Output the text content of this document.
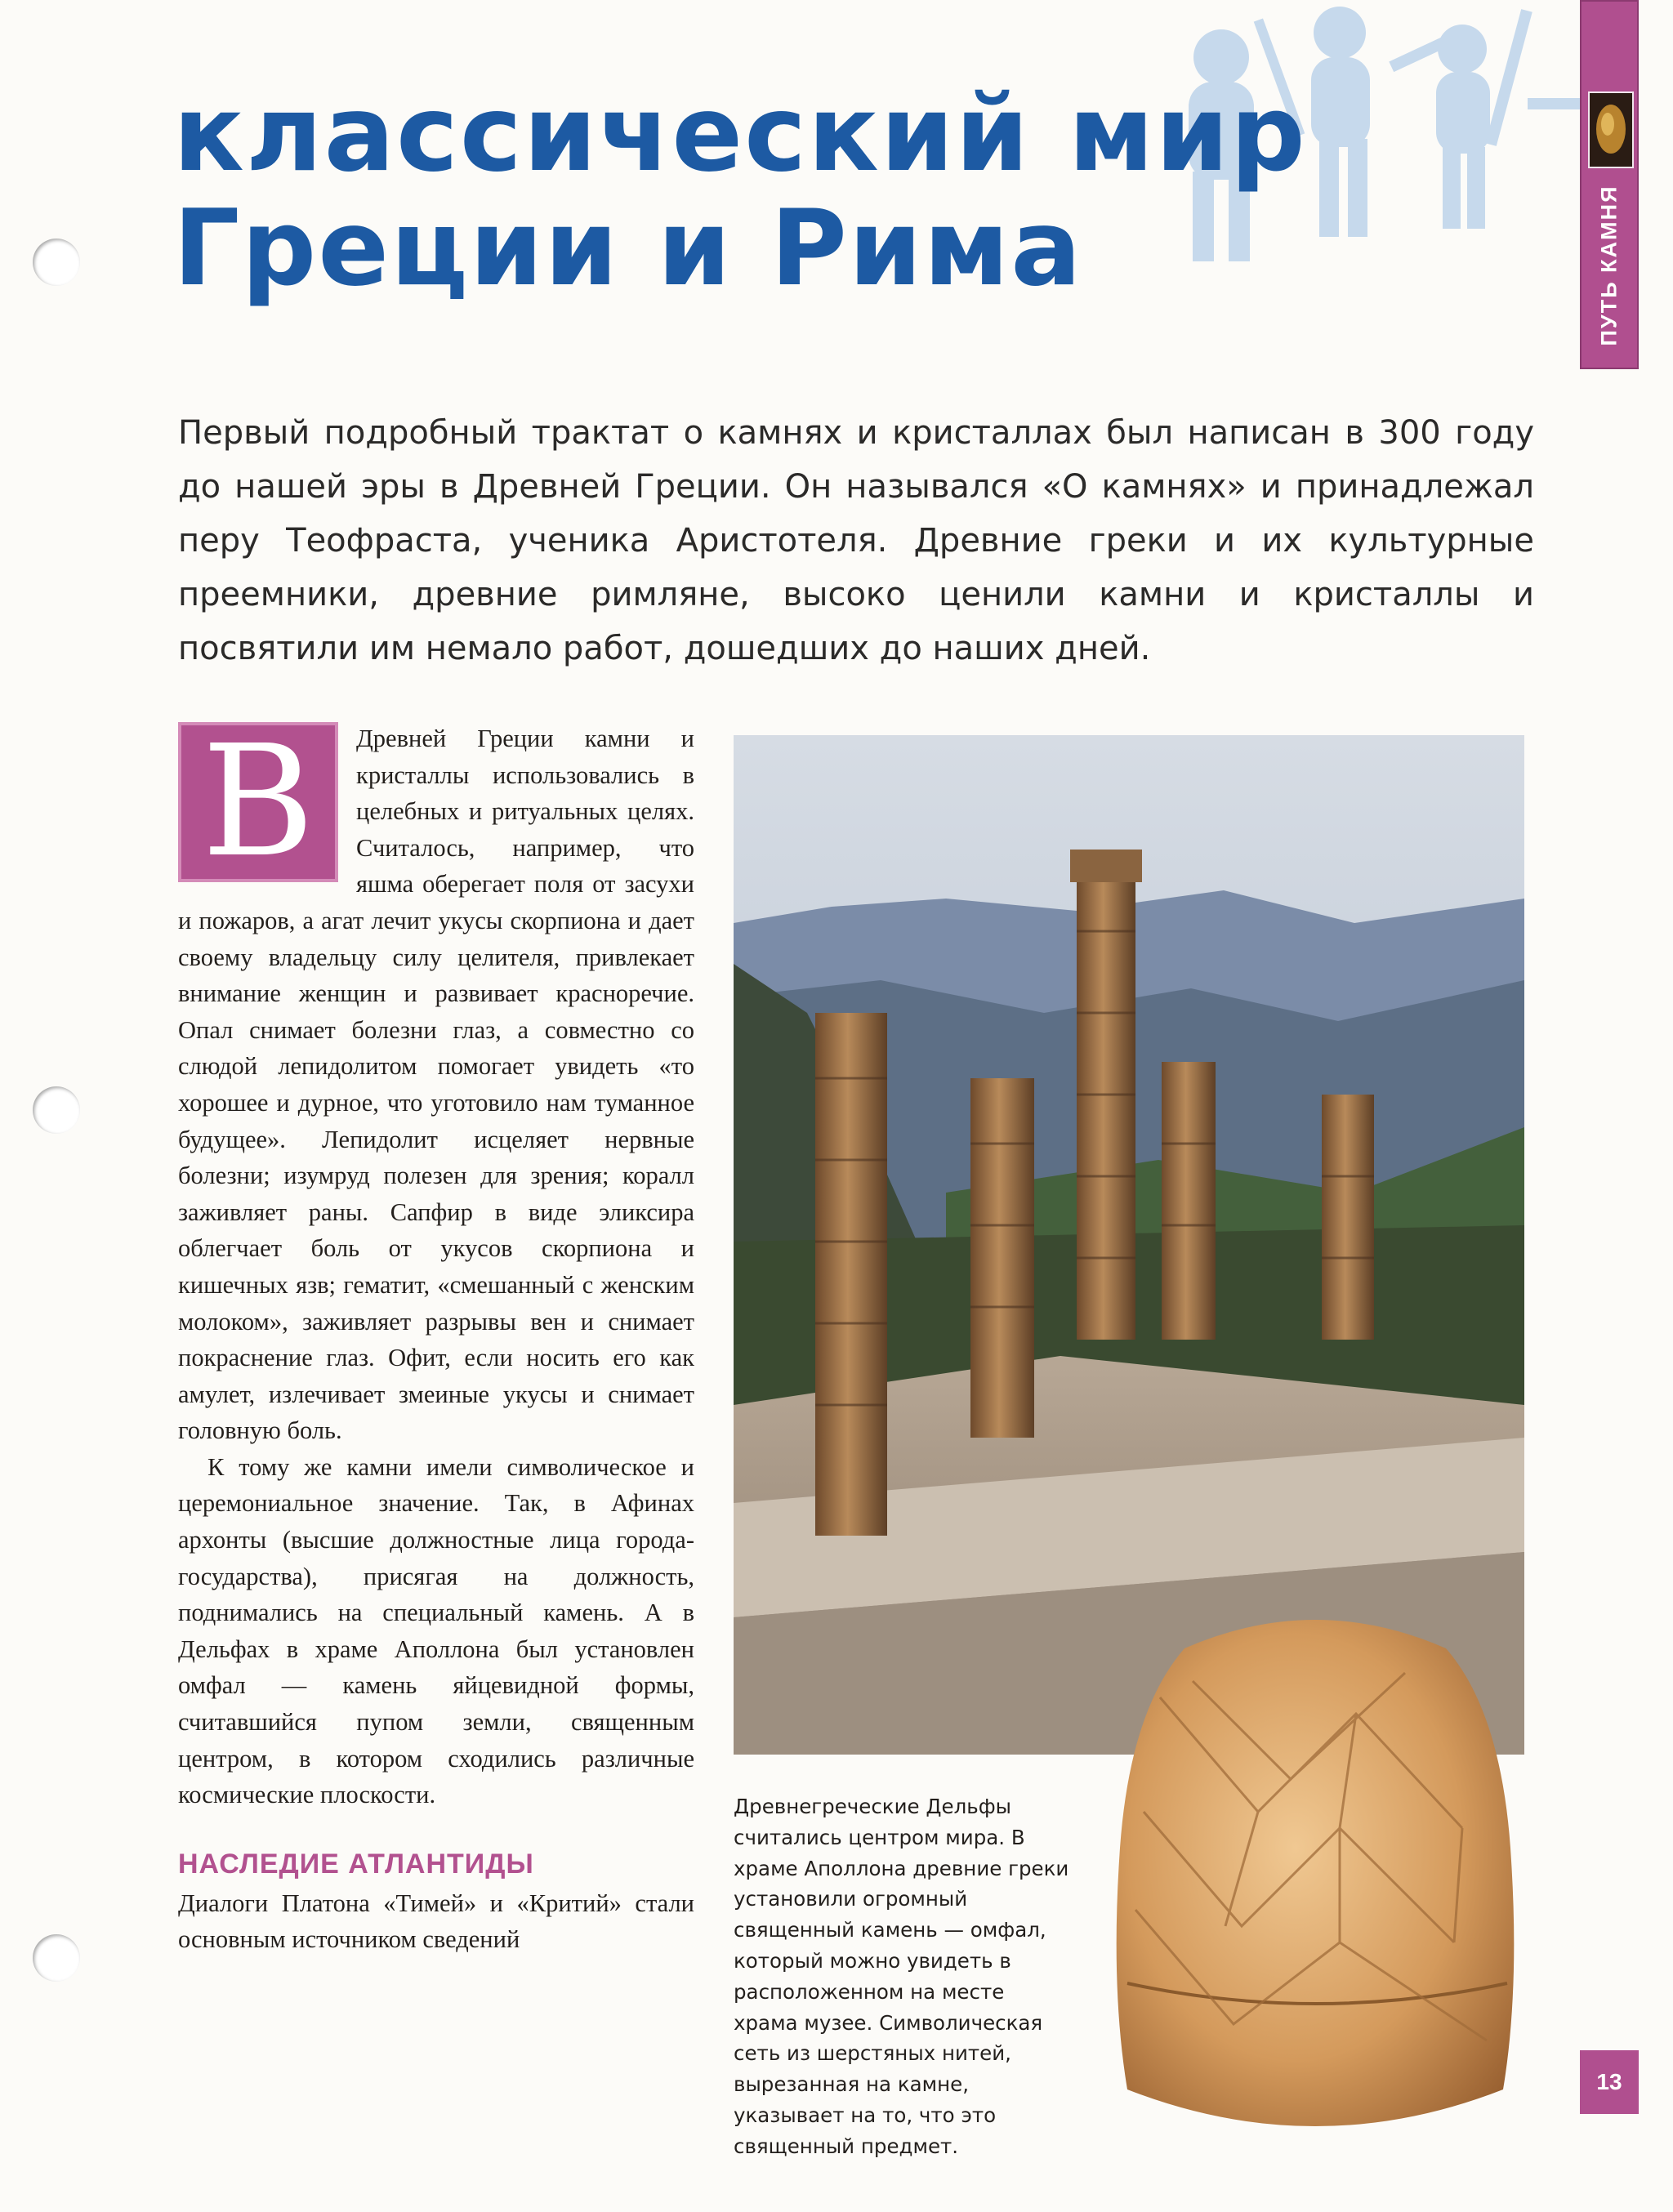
ПУТЬ КАМНЯ
классический мир
Греции и Рима

Первый подробный трактат о камнях и кристаллах был написан в 300 году до нашей эры в Древней Греции. Он назывался «О камнях» и принадлежал перу Теофраста, ученика Аристотеля. Древние греки и их культурные преемники, древние римляне, высоко ценили камни и кристаллы и посвятили им немало работ, дошедших до наших дней.

В	Древней Греции камни и кристаллы использовались в целебных и ритуальных целях. Считалось, например, что яшма оберегает поля от засухи и пожаров, а агат лечит укусы скорпиона и дает своему владельцу силу целителя, привлекает внимание женщин и развивает красноречие. Опал снимает болезни глаз, а совместно со слюдой лепидолитом помогает увидеть «то хорошее и дурное, что уготовило нам туманное будущее». Лепидолит исцеляет нервные болезни; изумруд полезен для зрения; коралл заживляет раны. Сапфир в виде эликсира облегчает боль от укусов скорпиона и кишечных язв; гематит, «смешанный с женским молоком», заживляет разрывы вен и снимает покраснение глаз. Офит, если носить его как амулет, излечивает змеиные укусы и снимает головную боль.

К тому же камни имели символическое и церемониальное значение. Так, в Афинах архонты (высшие должностные лица города-государства), присягая на должность, поднимались на специальный камень. А в Дельфах в храме Аполлона был установлен омфал — камень яйцевидной формы, считавшийся пупом земли, священным центром, в котором сходились различные космические плоскости.

НАСЛЕДИЕ АТЛАНТИДЫ

Диалоги Платона «Тимей» и «Критий» стали основным источником сведений

Древнегреческие Дельфы считались центром мира. В храме Аполлона древние греки установили огромный священный камень — омфал, который можно увидеть в расположенном на месте храма музее. Символическая сеть из шерстяных нитей, вырезанная на камне, указывает на то, что это священный предмет.

13
